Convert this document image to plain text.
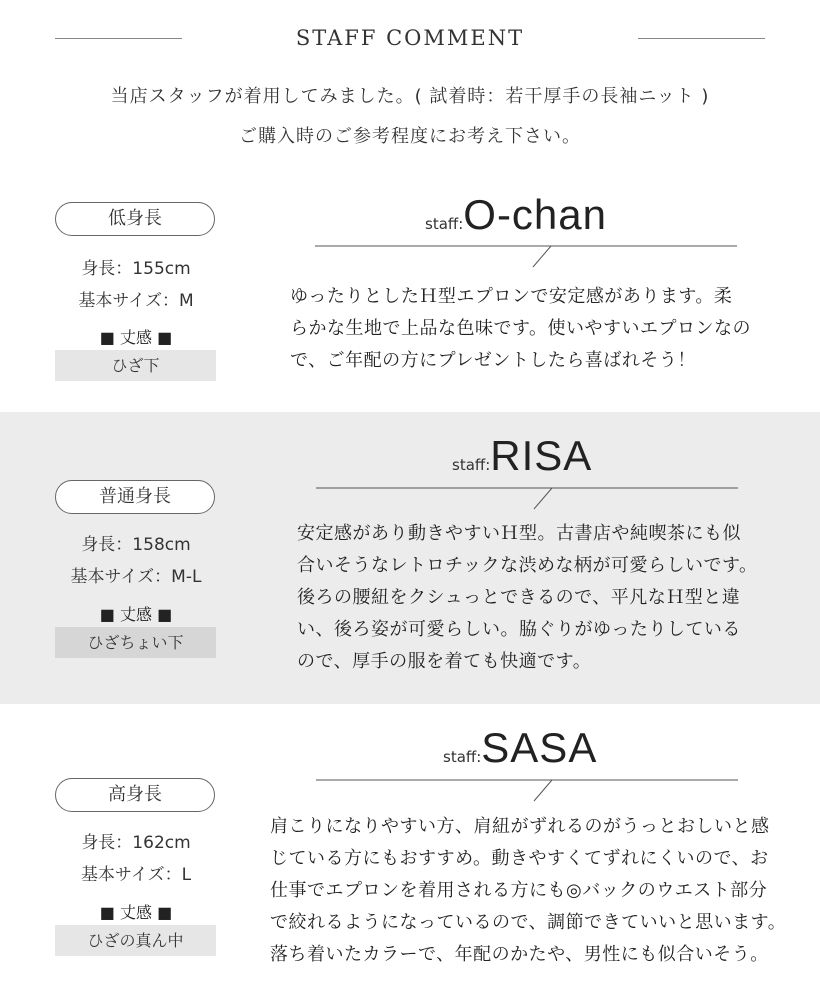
STAFF COMMENT
当店スタッフが着用してみました。( 試着時：若干厚手の長袖ニット )
ご購入時のご参考程度にお考え下さい。
低身長
身長：155cm
基本サイズ：M
■ 丈感 ■
ひざ下
staff:O-chan
ゆったりとしたＨ型エプロンで安定感があります。柔
らかな生地で上品な色味です。使いやすいエプロンなの
で、ご年配の方にプレゼントしたら喜ばれそう！
普通身長
身長：158cm
基本サイズ：M-L
■ 丈感 ■
ひざちょい下
staff:RISA
安定感があり動きやすいＨ型。古書店や純喫茶にも似
合いそうなレトロチックな渋めな柄が可愛らしいです。
後ろの腰紐をクシュっとできるので、平凡なＨ型と違
い、後ろ姿が可愛らしい。脇ぐりがゆったりしている
ので、厚手の服を着ても快適です。
高身長
身長：162cm
基本サイズ：L
■ 丈感 ■
ひざの真ん中
staff:SASA
肩こりになりやすい方、肩紐がずれるのがうっとおしいと感
じている方にもおすすめ。動きやすくてずれにくいので、お
仕事でエプロンを着用される方にも◎バックのウエスト部分
で絞れるようになっているので、調節できていいと思います。
落ち着いたカラーで、年配のかたや、男性にも似合いそう。
